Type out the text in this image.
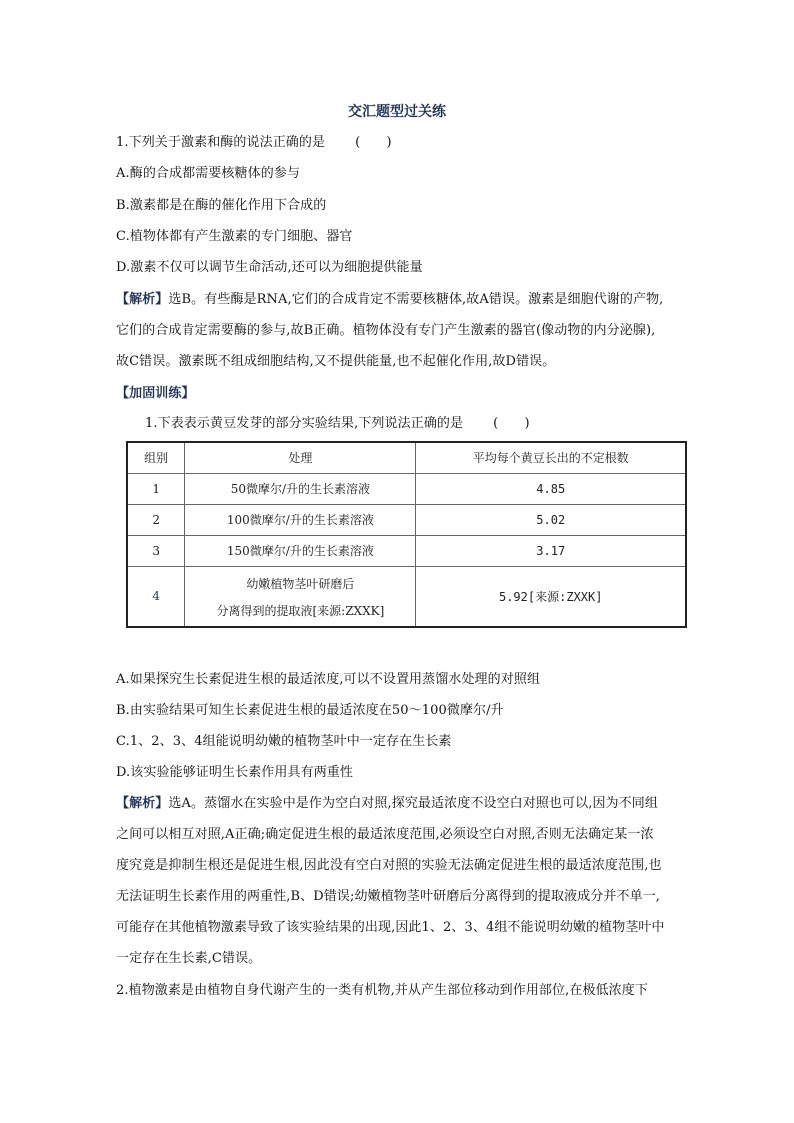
交汇题型过关练
1.下列关于激素和酶的说法正确的是 (　　)
A.酶的合成都需要核糖体的参与
B.激素都是在酶的催化作用下合成的
C.植物体都有产生激素的专门细胞、器官
D.激素不仅可以调节生命活动,还可以为细胞提供能量
【解析】选B。有些酶是RNA,它们的合成肯定不需要核糖体,故A错误。激素是细胞代谢的产物,
它们的合成肯定需要酶的参与,故B正确。植物体没有专门产生激素的器官(像动物的内分泌腺),
故C错误。激素既不组成细胞结构,又不提供能量,也不起催化作用,故D错误。
【加固训练】
1.下表表示黄豆发芽的部分实验结果,下列说法正确的是 (　　)
组别	处理	平均每个黄豆长出的不定根数
1	50微摩尔/升的生长素溶液	4.85
2	100微摩尔/升的生长素溶液	5.02
3	150微摩尔/升的生长素溶液	3.17
4	幼嫩植物茎叶研磨后
分离得到的提取液[来源:ZXXK]	5.92[来源:ZXXK]
A.如果探究生长素促进生根的最适浓度,可以不设置用蒸馏水处理的对照组
B.由实验结果可知生长素促进生根的最适浓度在50～100微摩尔/升
C.1、2、3、4组能说明幼嫩的植物茎叶中一定存在生长素
D.该实验能够证明生长素作用具有两重性
【解析】选A。蒸馏水在实验中是作为空白对照,探究最适浓度不设空白对照也可以,因为不同组
之间可以相互对照,A正确;确定促进生根的最适浓度范围,必须设空白对照,否则无法确定某一浓
度究竟是抑制生根还是促进生根,因此没有空白对照的实验无法确定促进生根的最适浓度范围,也
无法证明生长素作用的两重性,B、D错误;幼嫩植物茎叶研磨后分离得到的提取液成分并不单一,
可能存在其他植物激素导致了该实验结果的出现,因此1、2、3、4组不能说明幼嫩的植物茎叶中
一定存在生长素,C错误。
2.植物激素是由植物自身代谢产生的一类有机物,并从产生部位移动到作用部位,在极低浓度下
